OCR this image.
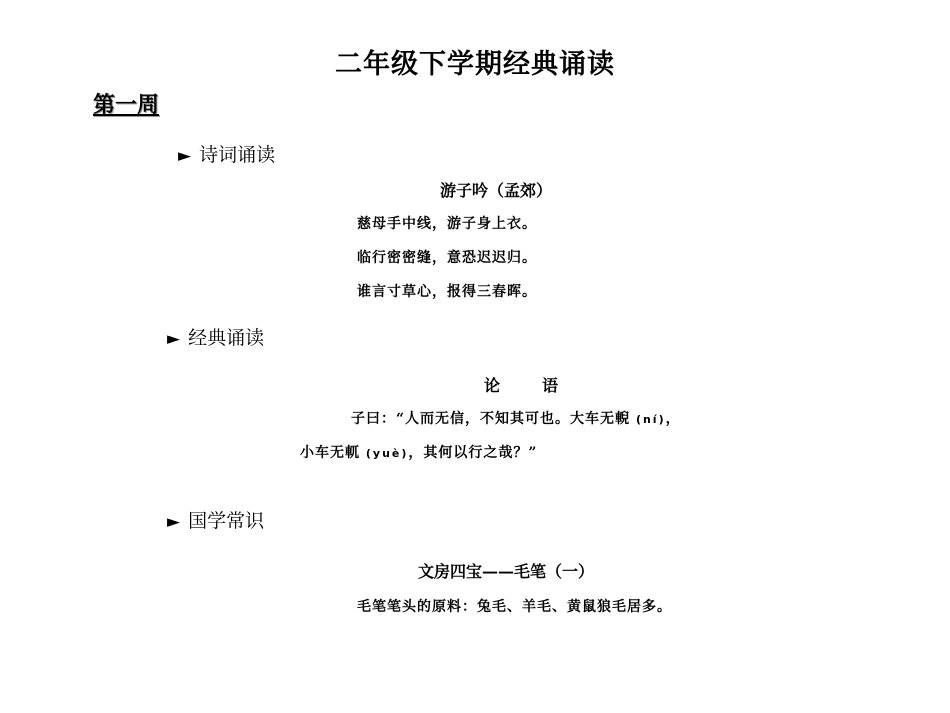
二年级下学期经典诵读
第一周
► 诗词诵读
游子吟（孟郊）
慈母手中线，游子身上衣。
临行密密缝，意恐迟迟归。
谁言寸草心，报得三春晖。
► 经典诵读
论	语
子曰：“人而无信，不知其可也。大车无輗 (ní)，
小车无軏 (yuè)，其何以行之哉？”
► 国学常识
文房四宝——毛笔（一）
毛笔笔头的原料：兔毛、羊毛、黄鼠狼毛居多。
